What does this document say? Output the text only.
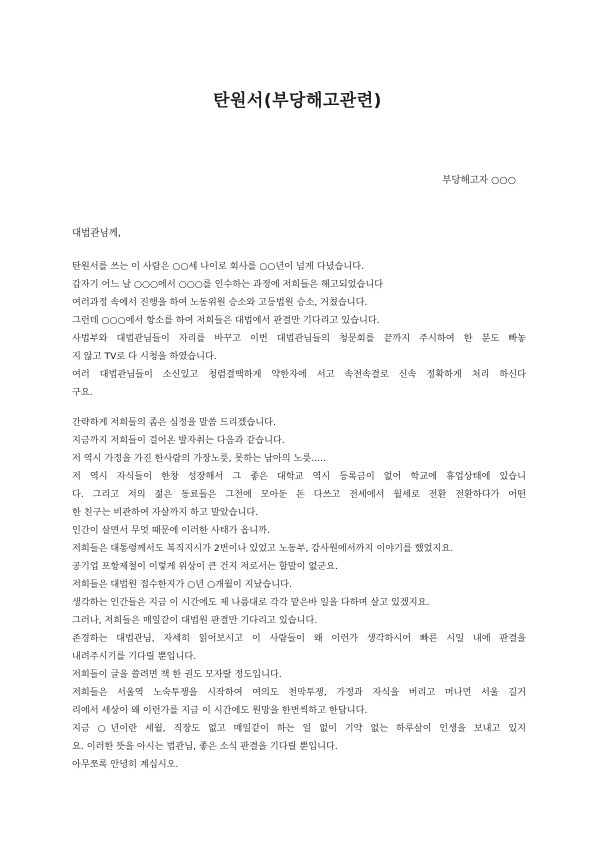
탄원서(부당해고관련)
부당해고자 ○○○
대법관님께,
탄원서를 쓰는 이 사람은 ○○세 나이로 회사를 ○○년이 넘게 다녔습니다.
갑자기 어느 날 ○○○에서 ○○○를 인수하는 과정에 저희들은 해고되었습니다
여러과정 속에서 진행을 하여 노동위원 승소와 고등법원 승소, 거쳤습니다.
그런데 ○○○에서 항소를 하여 저희들은 대법에서 판결만 기다리고 있습니다.
사법부와 대법관님들이 자리를 바꾸고 이번 대법관님들의 청문회를 끝까지 주시하여 한 분도 빠놓
지 않고 TV로 다 시청을 하였습니다.
여러 대법관님들이 소신있고 청렴결백하게 약한자에 서고 속전속결로 신속 정확하게 처리 하신다
구요.
간략하게 저희들의 좀은 심정을 말씀 드리겠습니다.
지금까지 저희들이 걸어온 발자취는 다음과 같습니다.
저 역시 가정을 가진 한사람의 가장노릇, 못하는 남아의 노릇.....
저 역시 자식들이 한창 성장해서 그 좋은 대학교 역시 등록금이 없어 학교에 휴업상태에 있습니
다. 그리고 저의 젊은 동료들은 그전에 모아둔 돈 다쓰고 전세에서 월세로 전환 전환하다가 어떤
한 친구는 비관하여 자살까지 하고 말았습니다.
인간이 살면서 무엇 때문에 이러한 사태가 옵니까.
저희들은 대통령께서도 복직지시가 2번이나 있었고 노동부, 감사원에서까지 이야기를 했었지요.
공기업 포항제철이 이렇게 위상이 큰 건지 저로서는 할말이 없군요.
저희들은 대법원 접수한지가 ○년 ○개월이 지났습니다.
생각하는 인간들은 지금 이 시간에도 제 나름대로 각각 맡은바 일을 다하며 살고 있겠지요.
그러나, 저희들은 매일같이 대법원 판결만 기다리고 있습니다.
존경하는 대법관님, 자세히 읽어보시고 이 사람들이 왜 이런가 생각하시어 빠른 시일 내에 판결을
내려주시기를 기다릴 뿐입니다.
저희들이 글을 쓸려면 책 한 권도 모자랄 정도입니다.
저희들은 서울역 노숙투쟁을 시작하여 여의도 천막투쟁, 가정과 자식을 버리고 머나먼 서울 길거
리에서 세상이 왜 이런가를 지금 이 시간에도 원망을 한번씩하고 한답니다.
지금 ○년이란 세월, 직장도 없고 매일같이 하는 일 없이 기약 없는 하루살이 인생을 보내고 있지
요. 이러한 뜻을 아시는 법관님, 좋은 소식 판결을 기다릴 뿐입니다.
아무쪼록 안녕히 계십시오.
